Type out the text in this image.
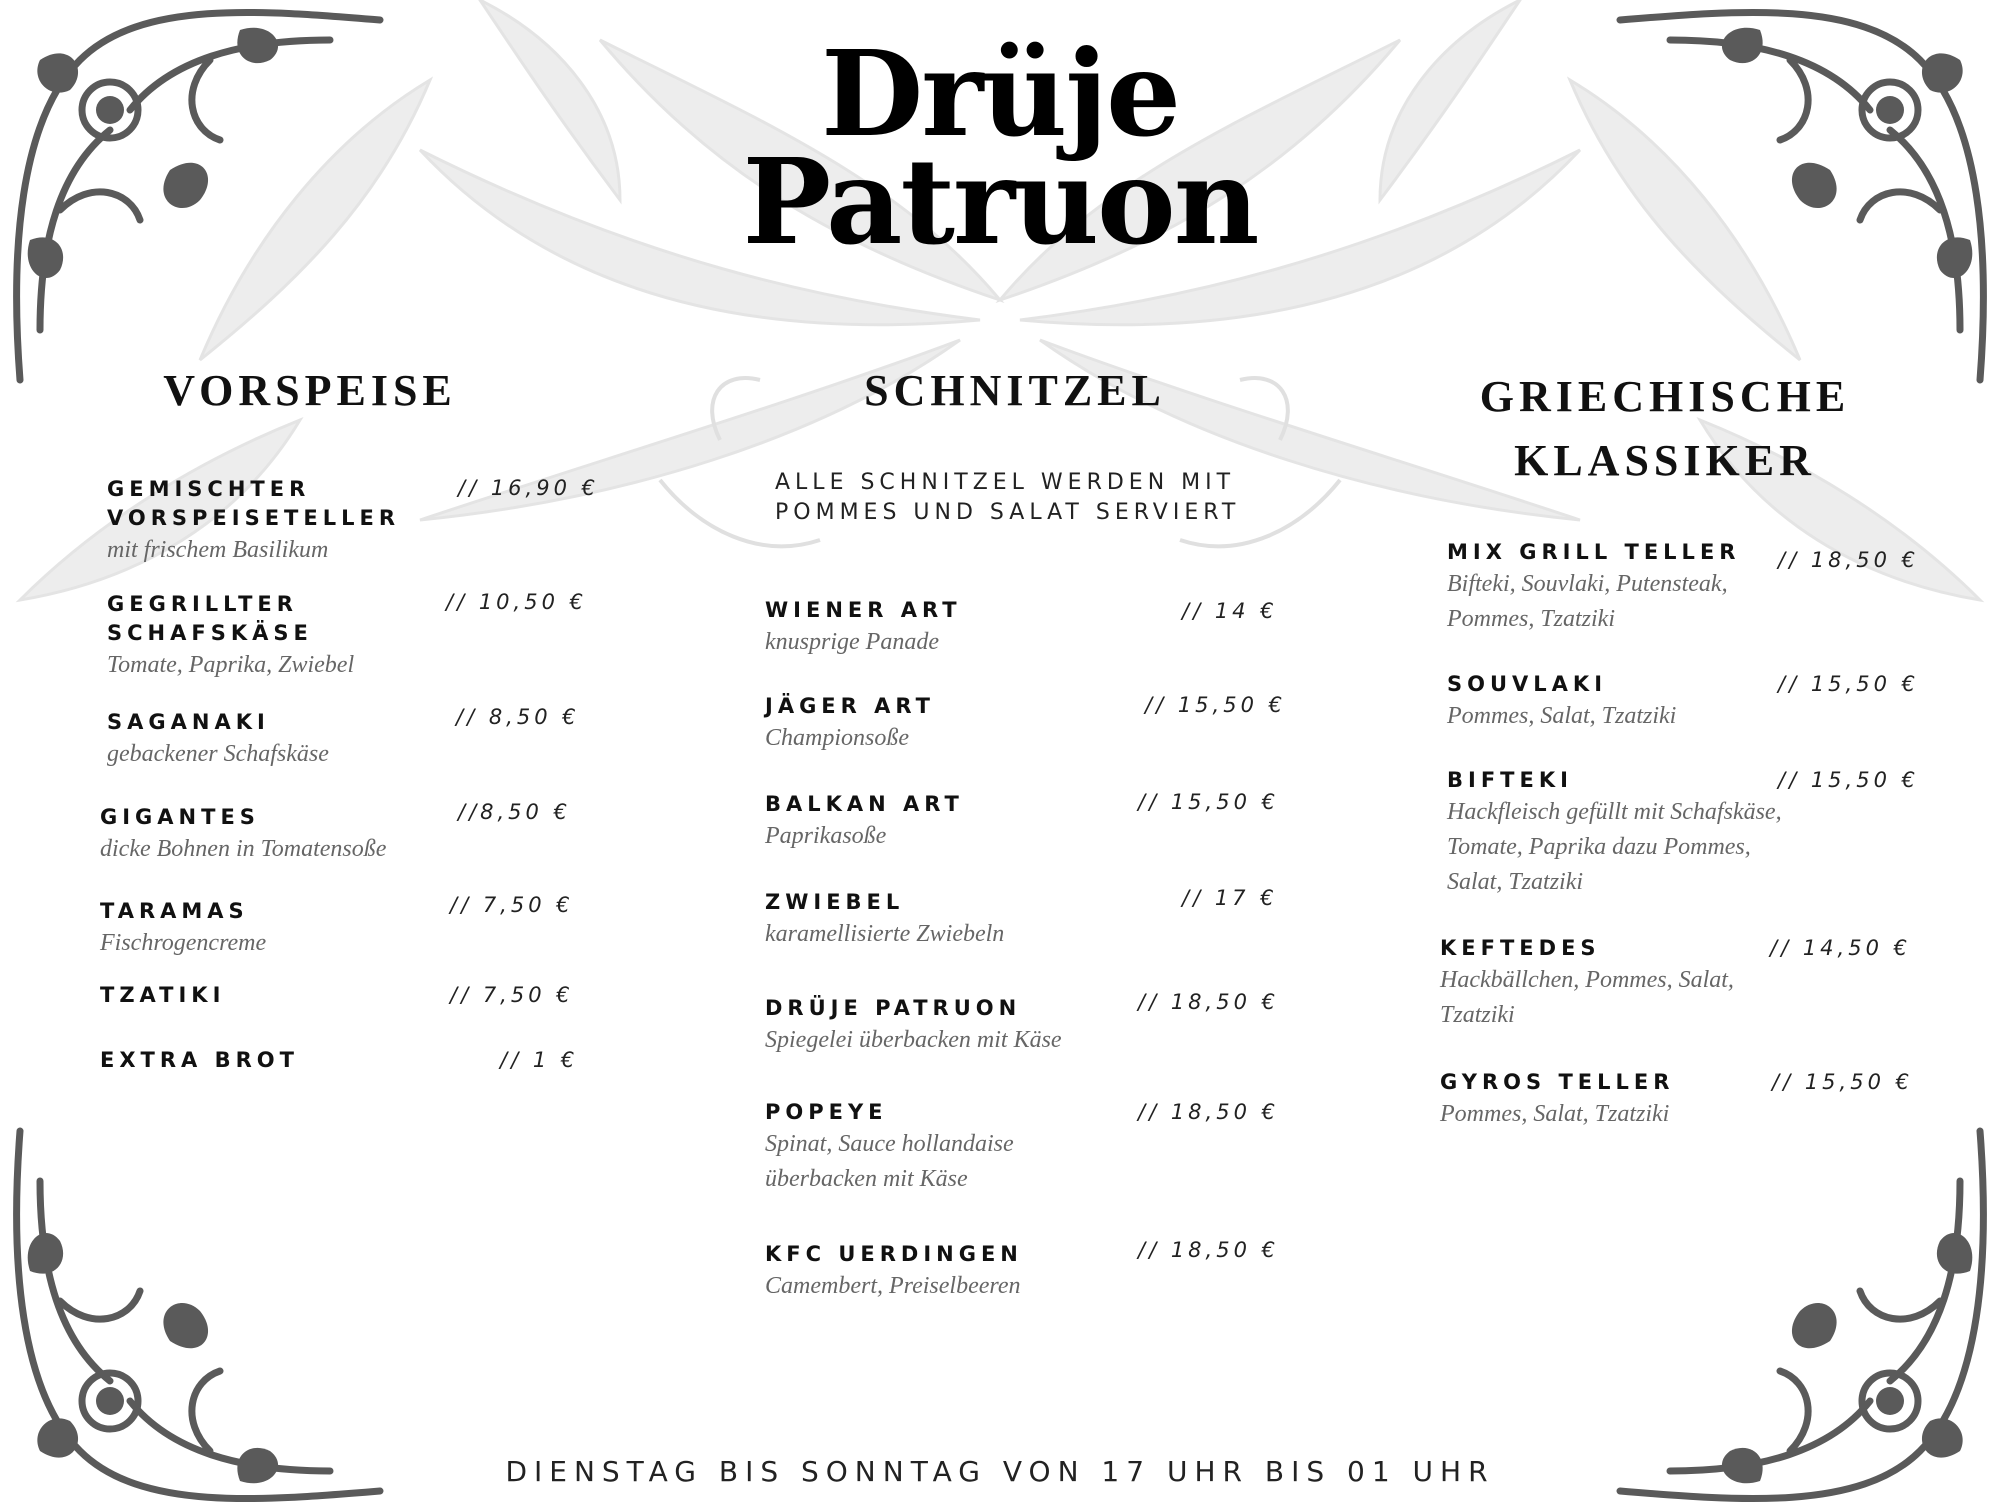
Drüje
Patruon
VORSPEISE	SCHNITZEL	GRIECHISCHE KLASSIKER
ALLE SCHNITZEL WERDEN MIT POMMES UND SALAT SERVIERT
GEMISCHTER VORSPEISETELLER
mit frischem Basilikum
// 16,90 €
GEGRILLTER SCHAFSKÄSE
Tomate, Paprika, Zwiebel
// 10,50 €
SAGANAKI
gebackener Schafskäse
// 8,50 €
GIGANTES
dicke Bohnen in Tomatensoße
//8,50 €
TARAMAS
Fischrogencreme
// 7,50 €
TZATIKI	// 7,50 €
EXTRA BROT	// 1 €
WIENER ART
knusprige Panade
// 14 €
JÄGER ART
Championsoße
// 15,50 €
BALKAN ART
Paprikasoße
// 15,50 €
ZWIEBEL
karamellisierte Zwiebeln
// 17 €
DRÜJE PATRUON
Spiegelei überbacken mit Käse
// 18,50 €
POPEYE
Spinat, Sauce hollandaise überbacken mit Käse
// 18,50 €
KFC UERDINGEN
Camembert, Preiselbeeren
// 18,50 €
MIX GRILL TELLER
Bifteki, Souvlaki, Putensteak, Pommes, Tzatziki
// 18,50 €
SOUVLAKI
Pommes, Salat, Tzatziki
// 15,50 €
BIFTEKI
Hackfleisch gefüllt mit Schafskäse, Tomate, Paprika dazu Pommes, Salat, Tzatziki
// 15,50 €
KEFTEDES
Hackbällchen, Pommes, Salat, Tzatziki
// 14,50 €
GYROS TELLER
Pommes, Salat, Tzatziki
// 15,50 €
DIENSTAG BIS SONNTAG VON 17 UHR BIS 01 UHR
